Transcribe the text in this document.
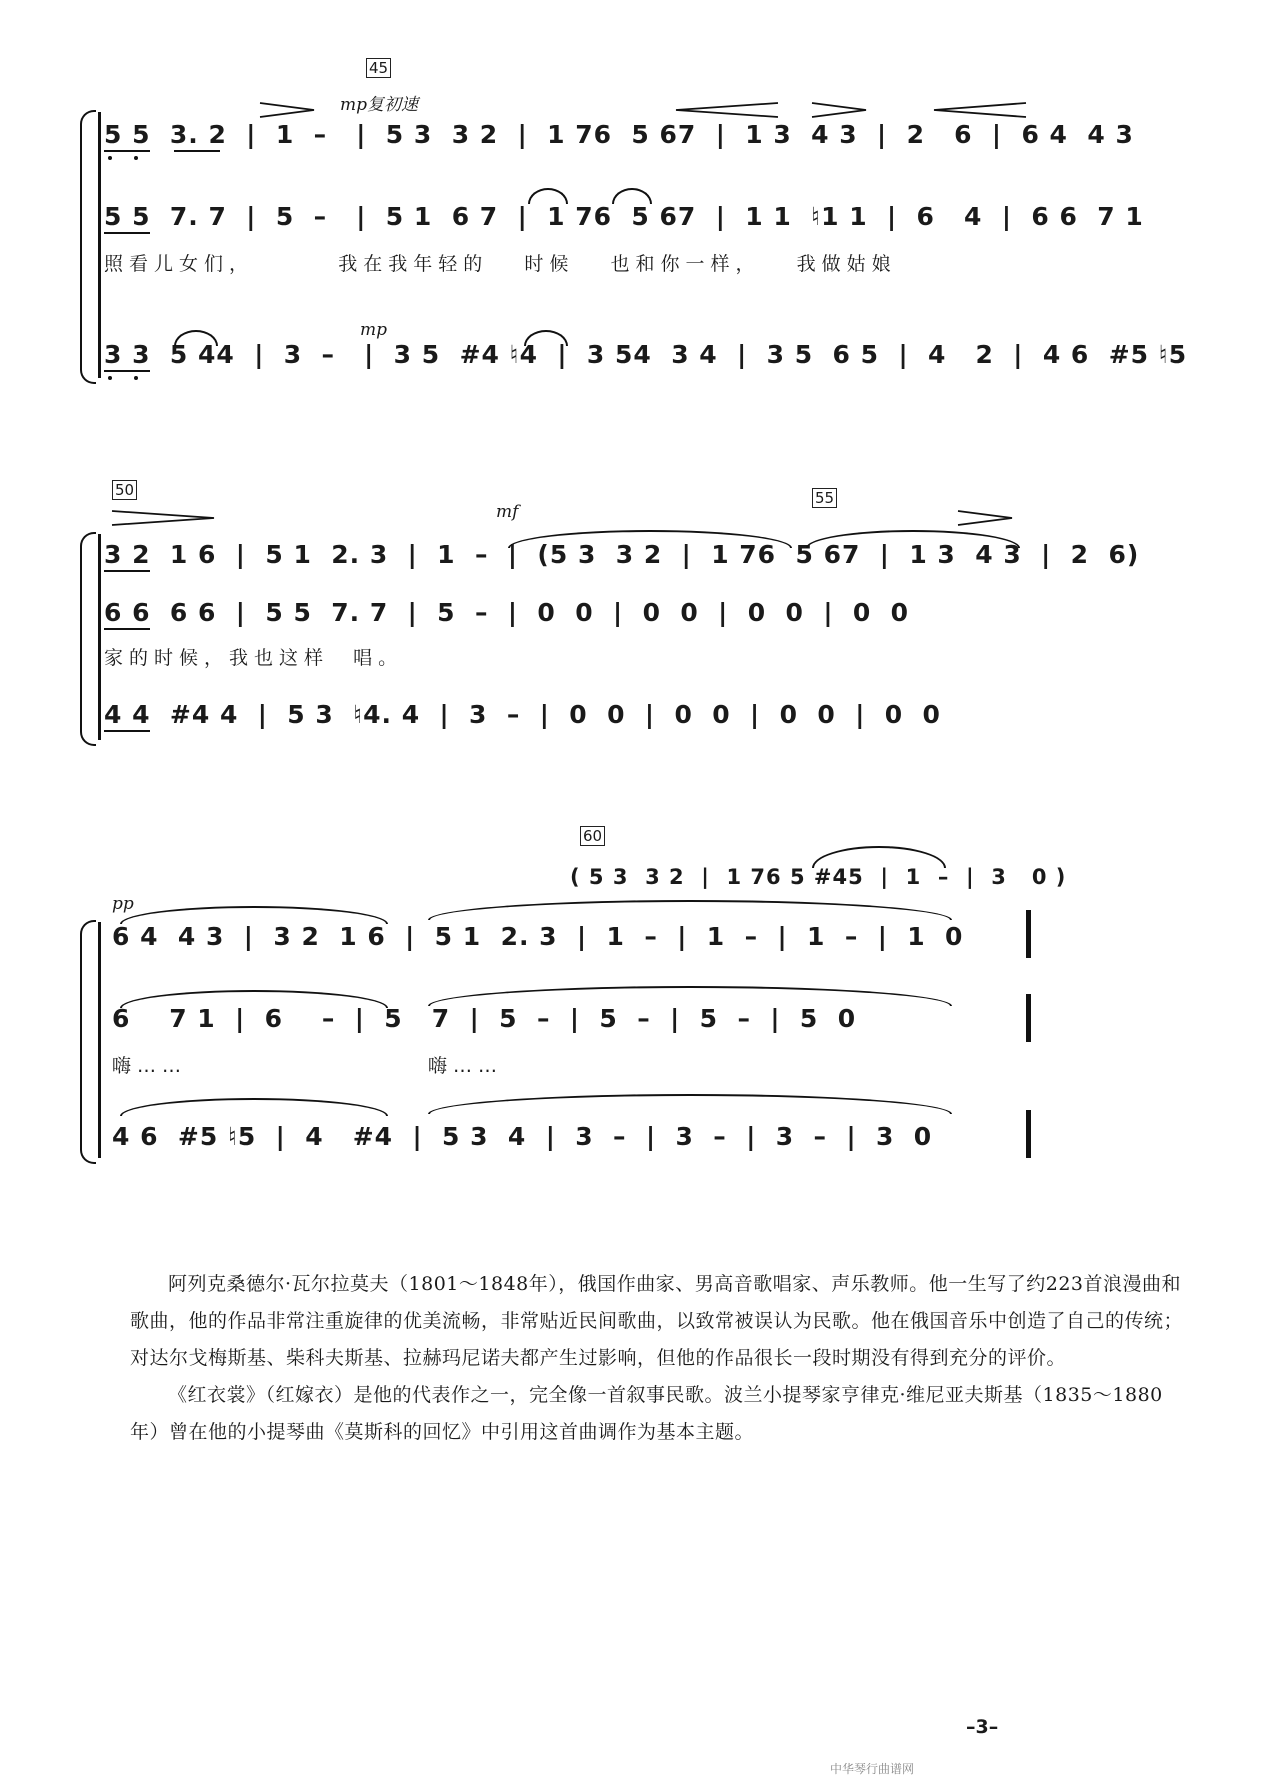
45
mp复初速
5 5  3. 2  |  1  –   |  5 3  3 2  |  1 76  5 67  |  1 3  4 3  |  2   6  |  6 4  4 3
5 5  7. 7  |  5  –   |  5 1  6 7  |  1 76  5 67  |  1 1  ♮1 1  |  6   4  |  6 6  7 1
照看儿女们，       我在我年轻的   时候   也和你一样，   我做姑娘
mp
3 3  5 44  |  3  –   |  3 5  #4 ♮4  |  3 54  3 4  |  3 5  6 5  |  4   2  |  4 6  #5 ♮5
50	55
mf
3 2  1 6  |  5 1  2. 3  |  1  –  |  (5 3  3 2  |  1 76  5 67  |  1 3  4 3  |  2  6)
6 6  6 6  |  5 5  7. 7  |  5  –  |  0  0  |  0  0  |  0  0  |  0  0
家的时候，我也这样  唱。
4 4  #4 4  |  5 3  ♮4. 4  |  3  –  |  0  0  |  0  0  |  0  0  |  0  0
60
( 5 3  3 2  |  1 76 5 #45  |  1  –  |  3   0 )
pp
6 4  4 3  |  3 2  1 6  |  5 1  2. 3  |  1  –  |  1  –  |  1  –  |  1  0
6    7 1  |  6    –  |  5   7  |  5  –  |  5  –  |  5  –  |  5  0
嗨……	嗨……
4 6  #5 ♮5  |  4   #4  |  5 3  4  |  3  –  |  3  –  |  3  –  |  3  0

阿列克桑德尔·瓦尔拉莫夫（1801～1848年），俄国作曲家、男高音歌唱家、声乐教师。他一生写了约223首浪漫曲和歌曲，他的作品非常注重旋律的优美流畅，非常贴近民间歌曲，以致常被误认为民歌。他在俄国音乐中创造了自己的传统；对达尔戈梅斯基、柴科夫斯基、拉赫玛尼诺夫都产生过影响，但他的作品很长一段时期没有得到充分的评价。

《红衣裳》（红嫁衣）是他的代表作之一，完全像一首叙事民歌。波兰小提琴家亨律克·维尼亚夫斯基（1835～1880年）曾在他的小提琴曲《莫斯科的回忆》中引用这首曲调作为基本主题。

–3–
中华琴行曲谱网
